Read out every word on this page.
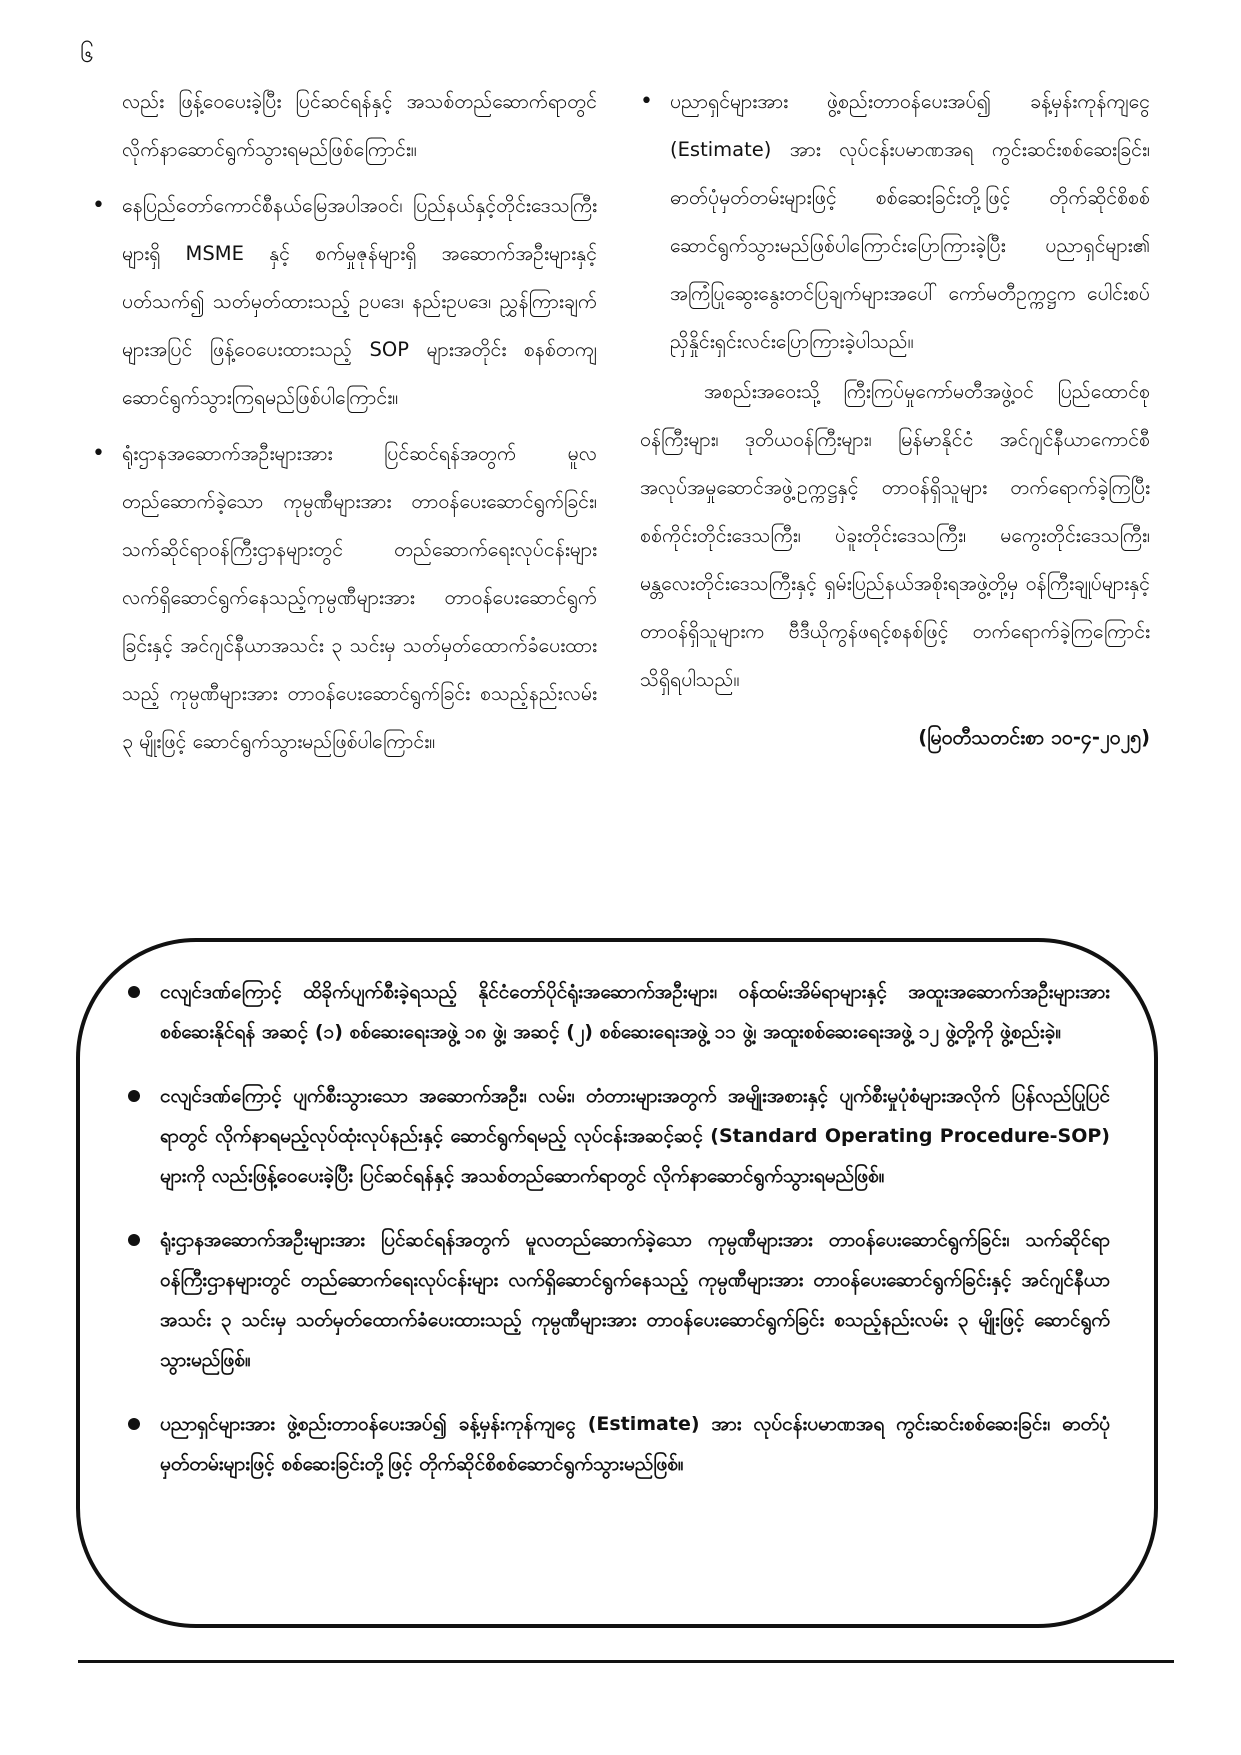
၆

လည်း ဖြန့်ဝေပေးခဲ့ပြီး ပြင်ဆင်ရန်နှင့် အသစ်တည်ဆောက်ရာတွင် လိုက်နာဆောင်ရွက်သွားရမည်ဖြစ်ကြောင်း။

• နေပြည်တော်ကောင်စီနယ်မြေအပါအဝင်၊ ပြည်နယ်နှင့်တိုင်းဒေသကြီးများရှိ MSME နှင့် စက်မှုဇုန်များရှိ အဆောက်အဦးများနှင့်ပတ်သက်၍ သတ်မှတ်ထားသည့် ဥပဒေ၊ နည်းဥပဒေ၊ ညွှန်ကြားချက်များအပြင် ဖြန့်ဝေပေးထားသည့် SOP များအတိုင်း စနစ်တကျဆောင်ရွက်သွားကြရမည်ဖြစ်ပါကြောင်း။

• ရုံးဌာနအဆောက်အဦးများအား ပြင်ဆင်ရန်အတွက် မူလတည်ဆောက်ခဲ့သော ကုမ္ပဏီများအား တာဝန်ပေးဆောင်ရွက်ခြင်း၊ သက်ဆိုင်ရာဝန်ကြီးဌာနများတွင် တည်ဆောက်ရေးလုပ်ငန်းများ လက်ရှိဆောင်ရွက်နေသည့်ကုမ္ပဏီများအား တာဝန်ပေးဆောင်ရွက်ခြင်းနှင့် အင်ဂျင်နီယာအသင်း ၃ သင်းမှ သတ်မှတ်ထောက်ခံပေးထားသည့် ကုမ္ပဏီများအား တာဝန်ပေးဆောင်ရွက်ခြင်း စသည့်နည်းလမ်း ၃ မျိုးဖြင့် ဆောင်ရွက်သွားမည်ဖြစ်ပါကြောင်း။

• ပညာရှင်များအား ဖွဲ့စည်းတာဝန်ပေးအပ်၍ ခန့်မှန်းကုန်ကျငွေ (Estimate) အား လုပ်ငန်းပမာဏအရ ကွင်းဆင်းစစ်ဆေးခြင်း၊ ဓာတ်ပုံမှတ်တမ်းများဖြင့် စစ်ဆေးခြင်းတို့ဖြင့် တိုက်ဆိုင်စိစစ်ဆောင်ရွက်သွားမည်ဖြစ်ပါကြောင်းပြောကြားခဲ့ပြီး ပညာရှင်များ၏ အကြံပြုဆွေးနွေးတင်ပြချက်များအပေါ် ကော်မတီဥက္ကဋ္ဌက ပေါင်းစပ်ညှိနှိုင်းရှင်းလင်းပြောကြားခဲ့ပါသည်။

အစည်းအဝေးသို့ ကြီးကြပ်မှုကော်မတီအဖွဲ့ဝင် ပြည်ထောင်စုဝန်ကြီးများ၊ ဒုတိယဝန်ကြီးများ၊ မြန်မာနိုင်ငံ အင်ဂျင်နီယာကောင်စီအလုပ်အမှုဆောင်အဖွဲ့ဥက္ကဋ္ဌနှင့် တာဝန်ရှိသူများ တက်ရောက်ခဲ့ကြပြီး စစ်ကိုင်းတိုင်းဒေသကြီး၊ ပဲခူးတိုင်းဒေသကြီး၊ မကွေးတိုင်းဒေသကြီး၊ မန္တလေးတိုင်းဒေသကြီးနှင့် ရှမ်းပြည်နယ်အစိုးရအဖွဲ့တို့မှ ဝန်ကြီးချုပ်များနှင့် တာဝန်ရှိသူများက ဗီဒီယိုကွန်ဖရင့်စနစ်ဖြင့် တက်ရောက်ခဲ့ကြကြောင်း သိရှိရပါသည်။

(မြဝတီသတင်းစာ ၁၀-၄-၂၀၂၅)

ငလျင်ဒဏ်ကြောင့် ထိခိုက်ပျက်စီးခဲ့ရသည့် နိုင်ငံတော်ပိုင်ရုံးအဆောက်အဦးများ၊ ဝန်ထမ်းအိမ်ရာများနှင့် အထူးအဆောက်အဦးများအား စစ်ဆေးနိုင်ရန် အဆင့် (၁) စစ်ဆေးရေးအဖွဲ့ ၁၈ ဖွဲ့၊ အဆင့် (၂) စစ်ဆေးရေးအဖွဲ့ ၁၁ ဖွဲ့၊ အထူးစစ်ဆေးရေးအဖွဲ့ ၁၂ ဖွဲ့တို့ကို ဖွဲ့စည်းခဲ့။
ငလျင်ဒဏ်ကြောင့် ပျက်စီးသွားသော အဆောက်အဦး၊ လမ်း၊ တံတားများအတွက် အမျိုးအစားနှင့် ပျက်စီးမှုပုံစံများအလိုက် ပြန်လည်ပြုပြင်ရာတွင် လိုက်နာရမည့်လုပ်ထုံးလုပ်နည်းနှင့် ဆောင်ရွက်ရမည့် လုပ်ငန်းအဆင့်ဆင့် (Standard Operating Procedure-SOP) များကို လည်းဖြန့်ဝေပေးခဲ့ပြီး ပြင်ဆင်ရန်နှင့် အသစ်တည်ဆောက်ရာတွင် လိုက်နာဆောင်ရွက်သွားရမည်ဖြစ်။
ရုံးဌာနအဆောက်အဦးများအား ပြင်ဆင်ရန်အတွက် မူလတည်ဆောက်ခဲ့သော ကုမ္ပဏီများအား တာဝန်ပေးဆောင်ရွက်ခြင်း၊ သက်ဆိုင်ရာဝန်ကြီးဌာနများတွင် တည်ဆောက်ရေးလုပ်ငန်းများ လက်ရှိဆောင်ရွက်နေသည့် ကုမ္ပဏီများအား တာဝန်ပေးဆောင်ရွက်ခြင်းနှင့် အင်ဂျင်နီယာအသင်း ၃ သင်းမှ သတ်မှတ်ထောက်ခံပေးထားသည့် ကုမ္ပဏီများအား တာဝန်ပေးဆောင်ရွက်ခြင်း စသည့်နည်းလမ်း ၃ မျိုးဖြင့် ဆောင်ရွက်သွားမည်ဖြစ်။
ပညာရှင်များအား ဖွဲ့စည်းတာဝန်ပေးအပ်၍ ခန့်မှန်းကုန်ကျငွေ (Estimate) အား လုပ်ငန်းပမာဏအရ ကွင်းဆင်းစစ်ဆေးခြင်း၊ ဓာတ်ပုံမှတ်တမ်းများဖြင့် စစ်ဆေးခြင်းတို့ဖြင့် တိုက်ဆိုင်စိစစ်ဆောင်ရွက်သွားမည်ဖြစ်။
